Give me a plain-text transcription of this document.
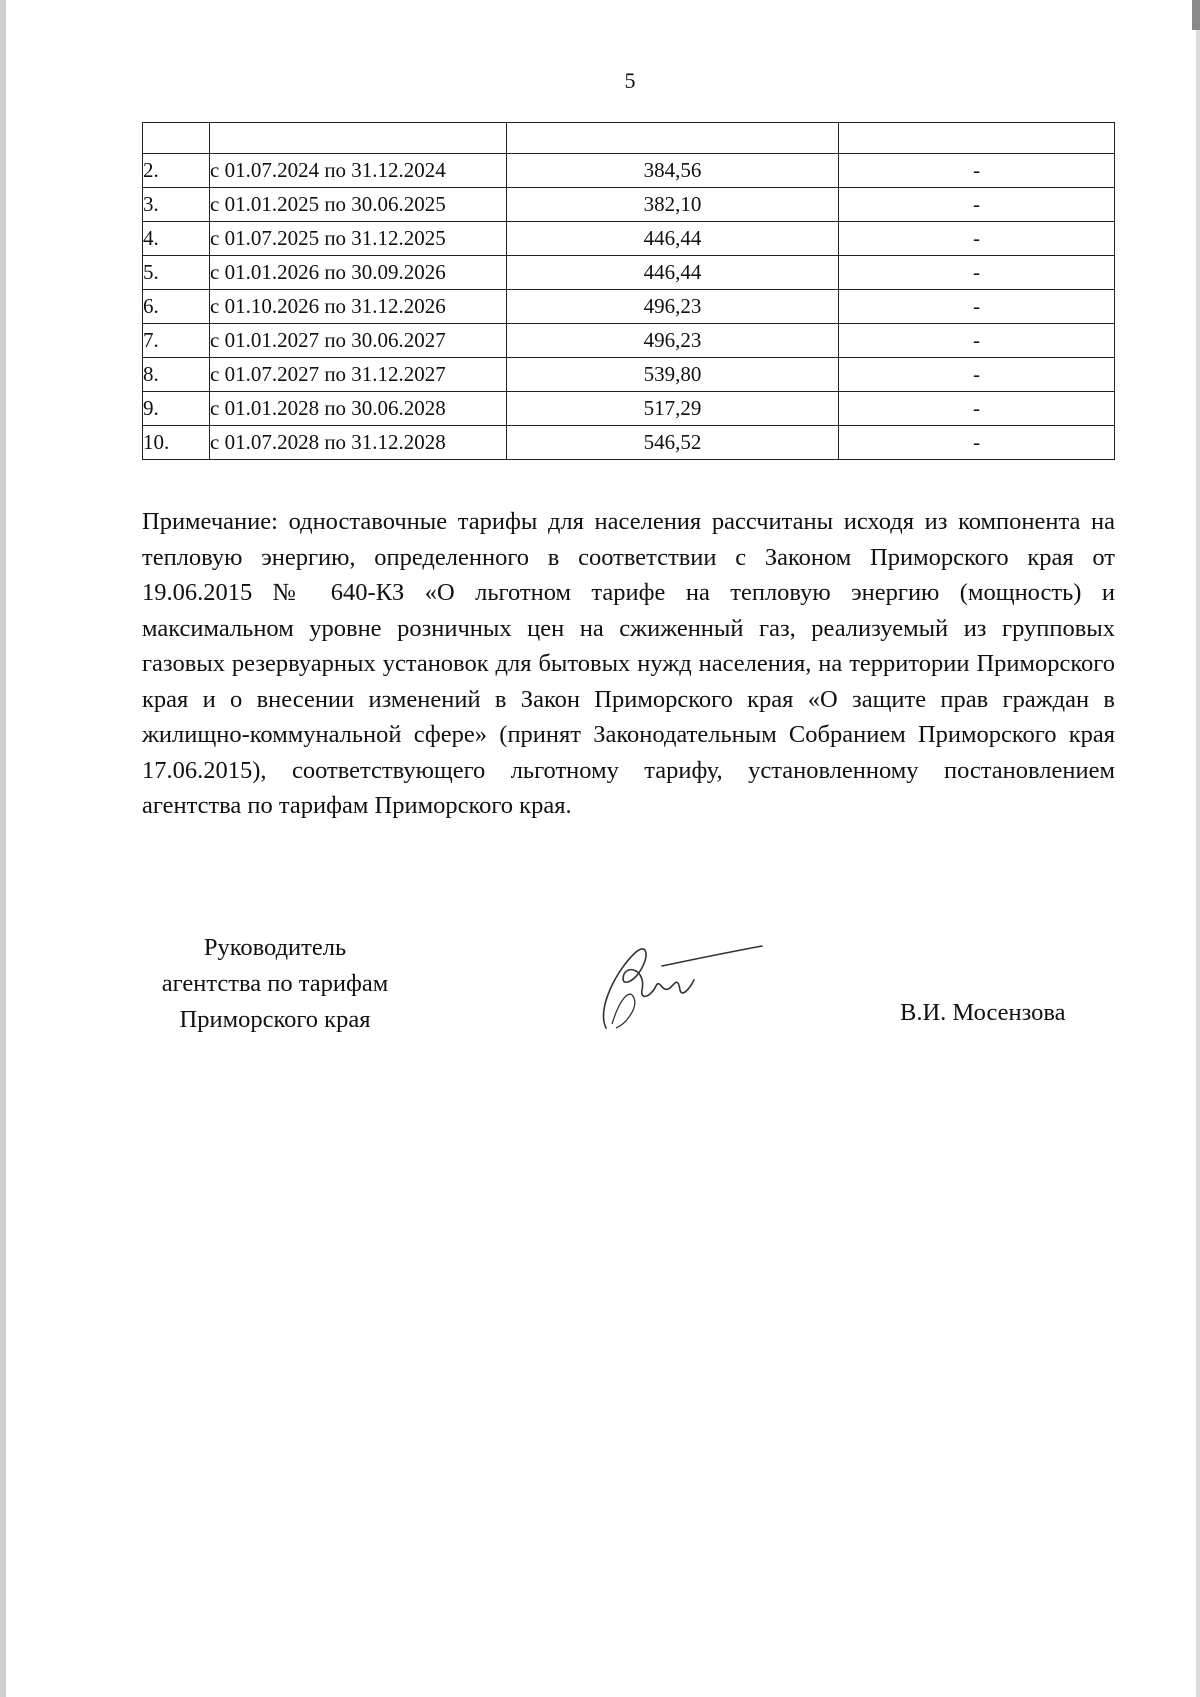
5

2.	с 01.07.2024 по 31.12.2024	384,56	-
3.	с 01.01.2025 по 30.06.2025	382,10	-
4.	с 01.07.2025 по 31.12.2025	446,44	-
5.	с 01.01.2026 по 30.09.2026	446,44	-
6.	с 01.10.2026 по 31.12.2026	496,23	-
7.	с 01.01.2027 по 30.06.2027	496,23	-
8.	с 01.07.2027 по 31.12.2027	539,80	-
9.	с 01.01.2028 по 30.06.2028	517,29	-
10.	с 01.07.2028 по 31.12.2028	546,52	-

Примечание: одноставочные тарифы для населения рассчитаны исходя из компонента на тепловую энергию, определенного в соответствии с Законом Приморского края от 19.06.2015 № 640-КЗ «О льготном тарифе на тепловую энергию (мощность) и максимальном уровне розничных цен на сжиженный газ, реализуемый из групповых газовых резервуарных установок для бытовых нужд населения, на территории Приморского края и о внесении изменений в Закон Приморского края «О защите прав граждан в жилищно-коммунальной сфере» (принят Законодательным Собранием Приморского края 17.06.2015), соответствующего льготному тарифу, установленному постановлением агентства по тарифам Приморского края.

Руководитель
агентства по тарифам
Приморского края	В.И. Мосензова
